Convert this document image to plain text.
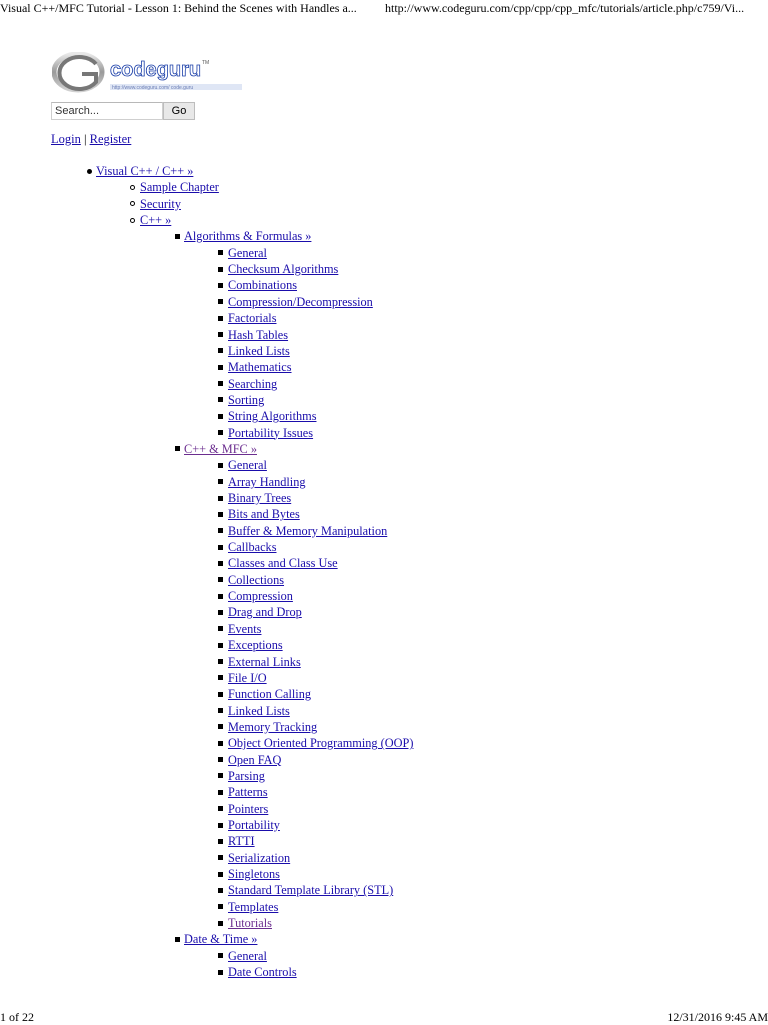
Visual C++/MFC Tutorial - Lesson 1: Behind the Scenes with Handles a... http://www.codeguru.com/cpp/cpp/cpp_mfc/tutorials/article.php/c759/Vi...
codeguru TM
http://www.codeguru.com/ code.guru
Search...
Go
Login | Register
Visual C++ / C++ »
Sample Chapter
Security
C++ »
Algorithms & Formulas »
General
Checksum Algorithms
Combinations
Compression/Decompression
Factorials
Hash Tables
Linked Lists
Mathematics
Searching
Sorting
String Algorithms
Portability Issues
C++ & MFC »
General
Array Handling
Binary Trees
Bits and Bytes
Buffer & Memory Manipulation
Callbacks
Classes and Class Use
Collections
Compression
Drag and Drop
Events
Exceptions
External Links
File I/O
Function Calling
Linked Lists
Memory Tracking
Object Oriented Programming (OOP)
Open FAQ
Parsing
Patterns
Pointers
Portability
RTTI
Serialization
Singletons
Standard Template Library (STL)
Templates
Tutorials
Date & Time »
General
Date Controls
1 of 22	12/31/2016 9:45 AM
